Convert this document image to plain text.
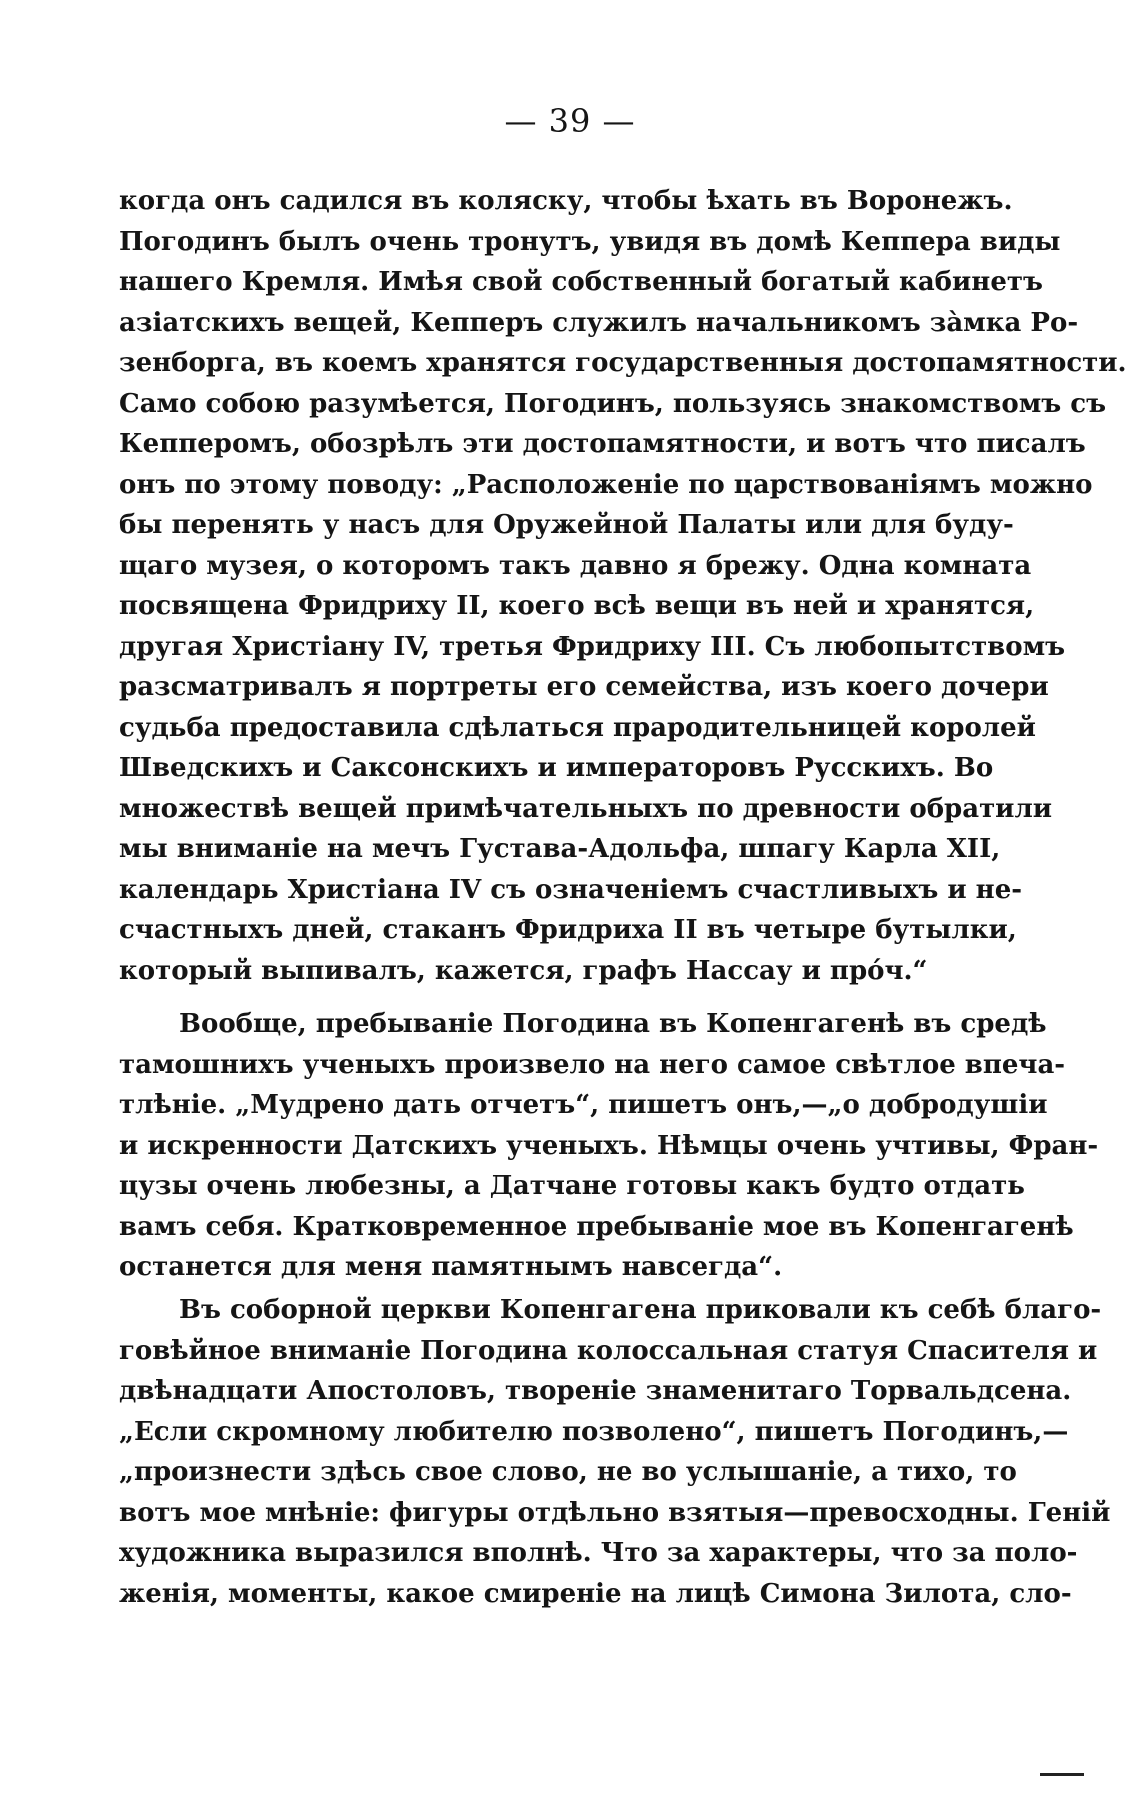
— 39 —
когда онъ садился въ коляску, чтобы ѣхать въ Воронежъ.
Погодинъ былъ очень тронутъ, увидя въ домѣ Кеппера виды
нашего Кремля. Имѣя свой собственный богатый кабинетъ
азіатскихъ вещей, Кепперъ служилъ начальникомъ зàмка Ро-
зенборга, въ коемъ хранятся государственныя достопамятности.
Само собою разумѣется, Погодинъ, пользуясь знакомствомъ съ
Кепперомъ, обозрѣлъ эти достопамятности, и вотъ что писалъ
онъ по этому поводу: „Расположеніе по царствованіямъ можно
бы перенять у насъ для Оружейной Палаты или для буду-
щаго музея, о которомъ такъ давно я брежу. Одна комната
посвящена Фридриху II, коего всѣ вещи въ ней и хранятся,
другая Христіану IV, третья Фридриху III. Съ любопытствомъ
разсматривалъ я портреты его семейства, изъ коего дочери
судьба предоставила сдѣлаться прародительницей королей
Шведскихъ и Саксонскихъ и императоровъ Русскихъ. Во
множествѣ вещей примѣчательныхъ по древности обратили
мы вниманіе на мечъ Густава-Адольфа, шпагу Карла XII,
календарь Христіана IV съ означеніемъ счастливыхъ и не-
счастныхъ дней, стаканъ Фридриха II въ четыре бутылки,
который выпивалъ, кажется, графъ Нассау и прóч.“
Вообще, пребываніе Погодина въ Копенгагенѣ въ средѣ
тамошнихъ ученыхъ произвело на него самое свѣтлое впеча-
тлѣніе. „Мудрено дать отчетъ“, пишетъ онъ,—„о добродушіи
и искренности Датскихъ ученыхъ. Нѣмцы очень учтивы, Фран-
цузы очень любезны, а Датчане готовы какъ будто отдать
вамъ себя. Кратковременное пребываніе мое въ Копенгагенѣ
останется для меня памятнымъ навсегда“.
Въ соборной церкви Копенгагена приковали къ себѣ благо-
говѣйное вниманіе Погодина колоссальная статуя Спасителя и
двѣнадцати Апостоловъ, твореніе знаменитаго Торвальдсена.
„Если скромному любителю позволено“, пишетъ Погодинъ,—
„произнести здѣсь свое слово, не во услышаніе, а тихо, то
вотъ мое мнѣніе: фигуры отдѣльно взятыя—превосходны. Геній
художника выразился вполнѣ. Что за характеры, что за поло-
женія, моменты, какое смиреніе на лицѣ Симона Зилота, сло-
